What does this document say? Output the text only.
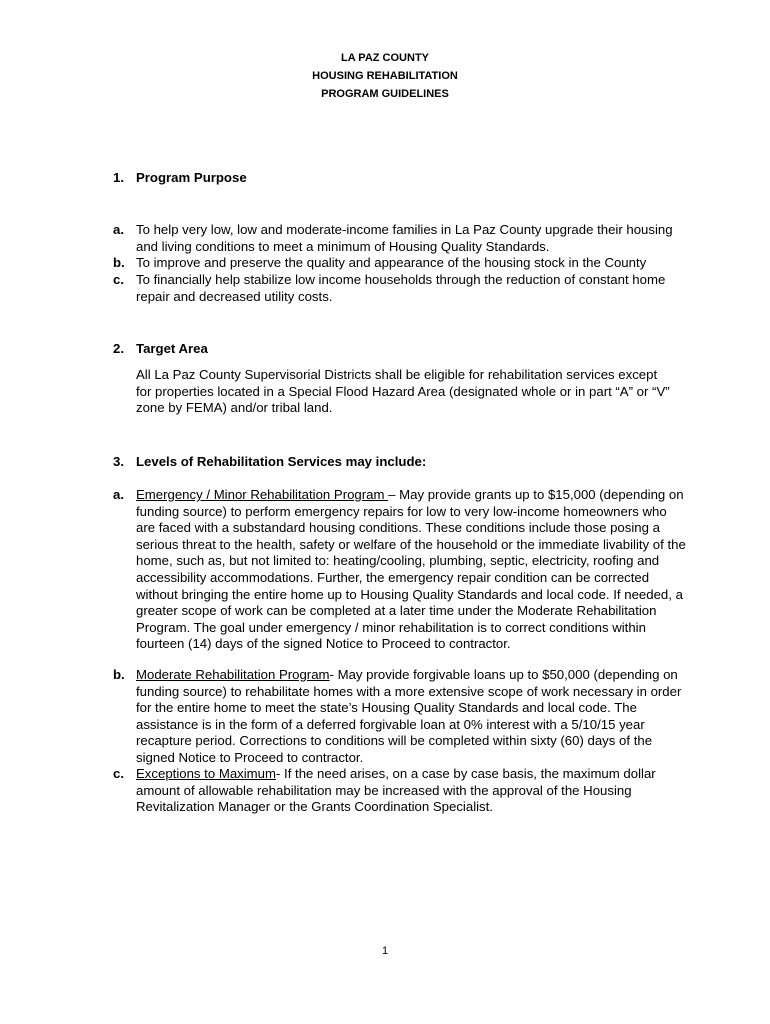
LA PAZ COUNTY
HOUSING REHABILITATION
PROGRAM GUIDELINES
1. Program Purpose
a. To help very low, low and moderate-income families in La Paz County upgrade their housing and living conditions to meet a minimum of Housing Quality Standards.
b. To improve and preserve the quality and appearance of the housing stock in the County
c. To financially help stabilize low income households through the reduction of constant home repair and decreased utility costs.
2. Target Area
All La Paz County Supervisorial Districts shall be eligible for rehabilitation services except for properties located in a Special Flood Hazard Area (designated whole or in part “A” or “V” zone by FEMA) and/or tribal land.
3. Levels of Rehabilitation Services may include:
a. Emergency / Minor Rehabilitation Program – May provide grants up to $15,000 (depending on funding source) to perform emergency repairs for low to very low-income homeowners who are faced with a substandard housing conditions. These conditions include those posing a serious threat to the health, safety or welfare of the household or the immediate livability of the home, such as, but not limited to: heating/cooling, plumbing, septic, electricity, roofing and accessibility accommodations. Further, the emergency repair condition can be corrected without bringing the entire home up to Housing Quality Standards and local code. If needed, a greater scope of work can be completed at a later time under the Moderate Rehabilitation Program. The goal under emergency / minor rehabilitation is to correct conditions within fourteen (14) days of the signed Notice to Proceed to contractor.
b. Moderate Rehabilitation Program- May provide forgivable loans up to $50,000 (depending on funding source) to rehabilitate homes with a more extensive scope of work necessary in order for the entire home to meet the state’s Housing Quality Standards and local code. The assistance is in the form of a deferred forgivable loan at 0% interest with a 5/10/15 year recapture period. Corrections to conditions will be completed within sixty (60) days of the signed Notice to Proceed to contractor.
c. Exceptions to Maximum- If the need arises, on a case by case basis, the maximum dollar amount of allowable rehabilitation may be increased with the approval of the Housing Revitalization Manager or the Grants Coordination Specialist.
1
